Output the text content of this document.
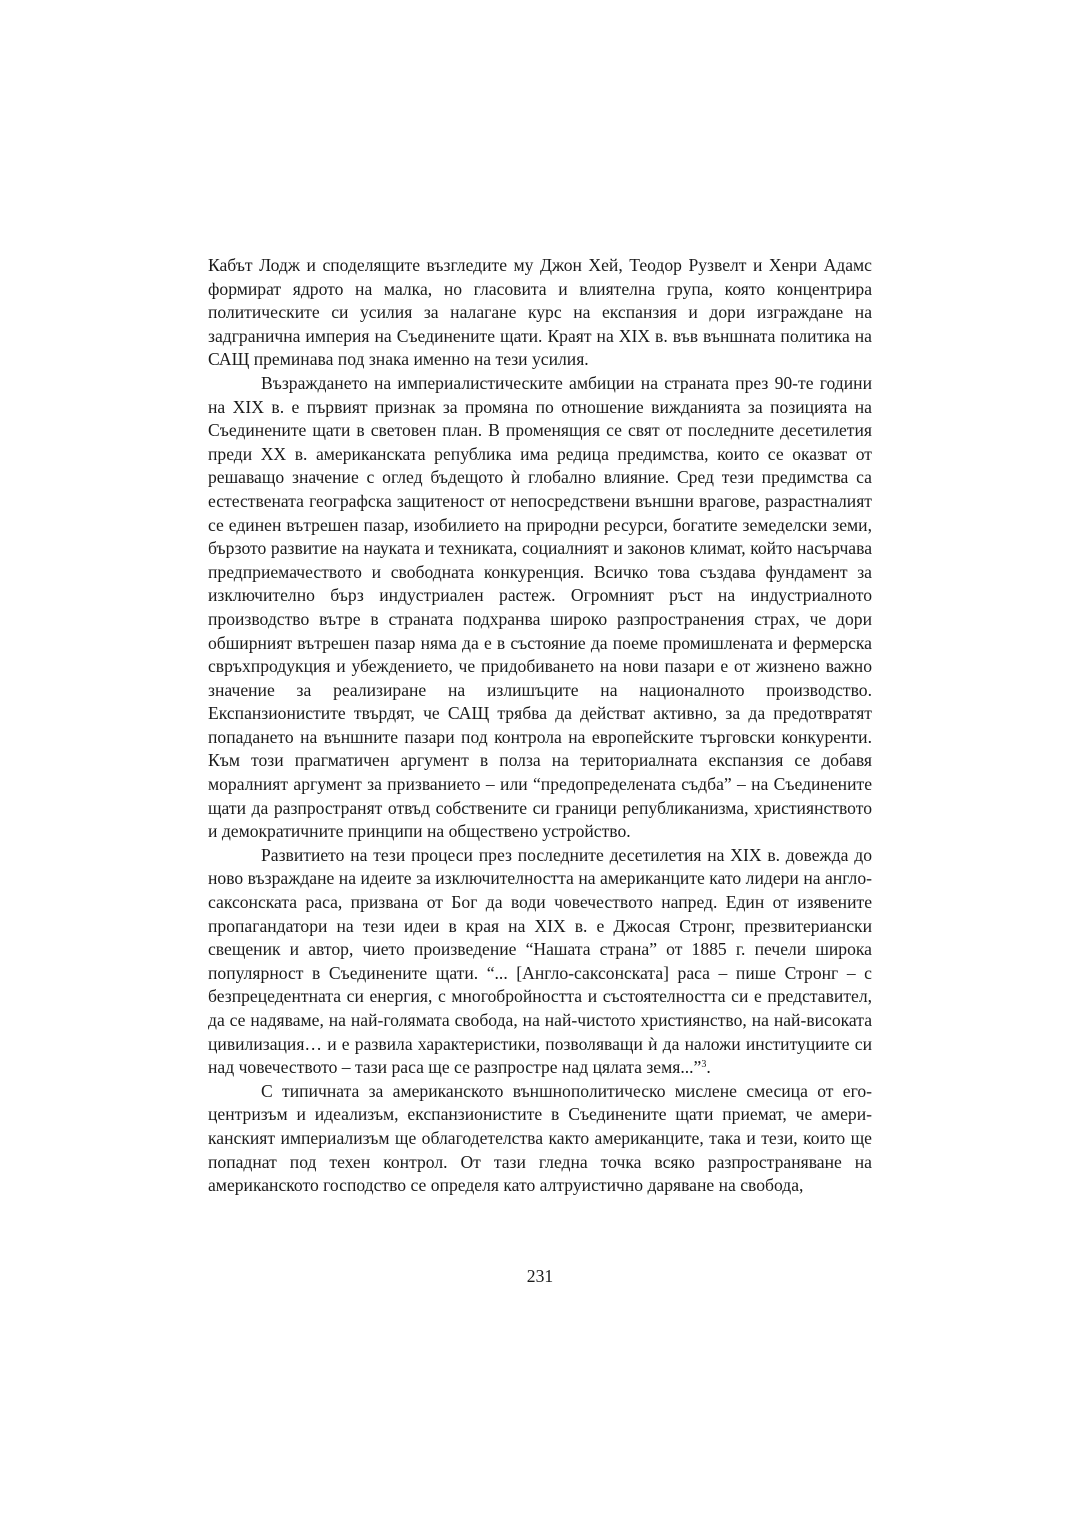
Кабът Лодж и споделящите възгледите му Джон Хей, Теодор Рузвелт и Хенри Адамс формират ядрото на малка, но гласовита и влиятелна група, която концентрира политическите си усилия за налагане курс на експанзия и дори изграждане на задгранична империя на Съединените щати. Краят на XIX в. във външната политика на САЩ преминава под знака именно на тези усилия.

Възраждането на империалистическите амбиции на страната през 90-те години на XIX в. е първият признак за промяна по отношение вижданията за позицията на Съединените щати в световен план. В променящия се свят от последните десетилетия преди XX в. американската република има редица предимства, които се оказват от решаващо значение с оглед бъдещото ѝ глобално влияние. Сред тези предимства са естествената географска защитеност от непосредствени външни врагове, разрастналият се единен вътрешен пазар, изобилието на природни ресурси, богатите земеделски земи, бързото развитие на науката и техниката, социалният и законов климат, който насърчава предприемачеството и свободната конкуренция. Всичко това създава фундамент за изключително бърз индустриален растеж. Огромният ръст на индустриалното производство вътре в страната подхранва широко разпространения страх, че дори обширният вътрешен пазар няма да е в състояние да поеме промишлената и фермерска свръхпродукция и убеждението, че придобиването на нови пазари е от жизнено важно значение за реализиране на излишъците на националното производство. Експанзионистите твърдят, че САЩ трябва да действат активно, за да предотвратят попадането на външните пазари под контрола на европейските търговски конкуренти. Към този прагматичен аргумент в полза на териториалната експанзия се добавя моралният аргумент за призванието – или “предопределената съдба” – на Съединените щати да разпространят отвъд собствените си граници републиканизма, християнството и демократичните принципи на обществено устройство.

Развитието на тези процеси през последните десетилетия на XIX в. довежда до ново възраждане на идеите за изключителността на американците като лидери на англо-саксонската раса, призвана от Бог да води човечеството напред. Един от изявените пропагандатори на тези идеи в края на XIX в. е Джосая Стронг, презвитериански свещеник и автор, чието произведение “Нашата страна” от 1885 г. печели широка популярност в Съединените щати. “... [Англо-саксонската] раса – пише Стронг – с безпрецедентната си енергия, с многобройността и състоятелността си е представител, да се надяваме, на най-голямата свобода, на най-чистото християнство, на най-високата цивилизация… и е развила характеристики, позволяващи ѝ да наложи институциите си над човечеството – тази раса ще се разпростре над цялата земя...”$^3$.

С типичната за американското външнополитическо мислене смесица от егоцентризъм и идеализъм, експанзионистите в Съединените щати приемат, че американският империализъм ще облагодетелства както американците, така и тези, които ще попаднат под техен контрол. От тази гледна точка всяко разпространяване на американското господство се определя като алтруистично даряване на свобода,

231
